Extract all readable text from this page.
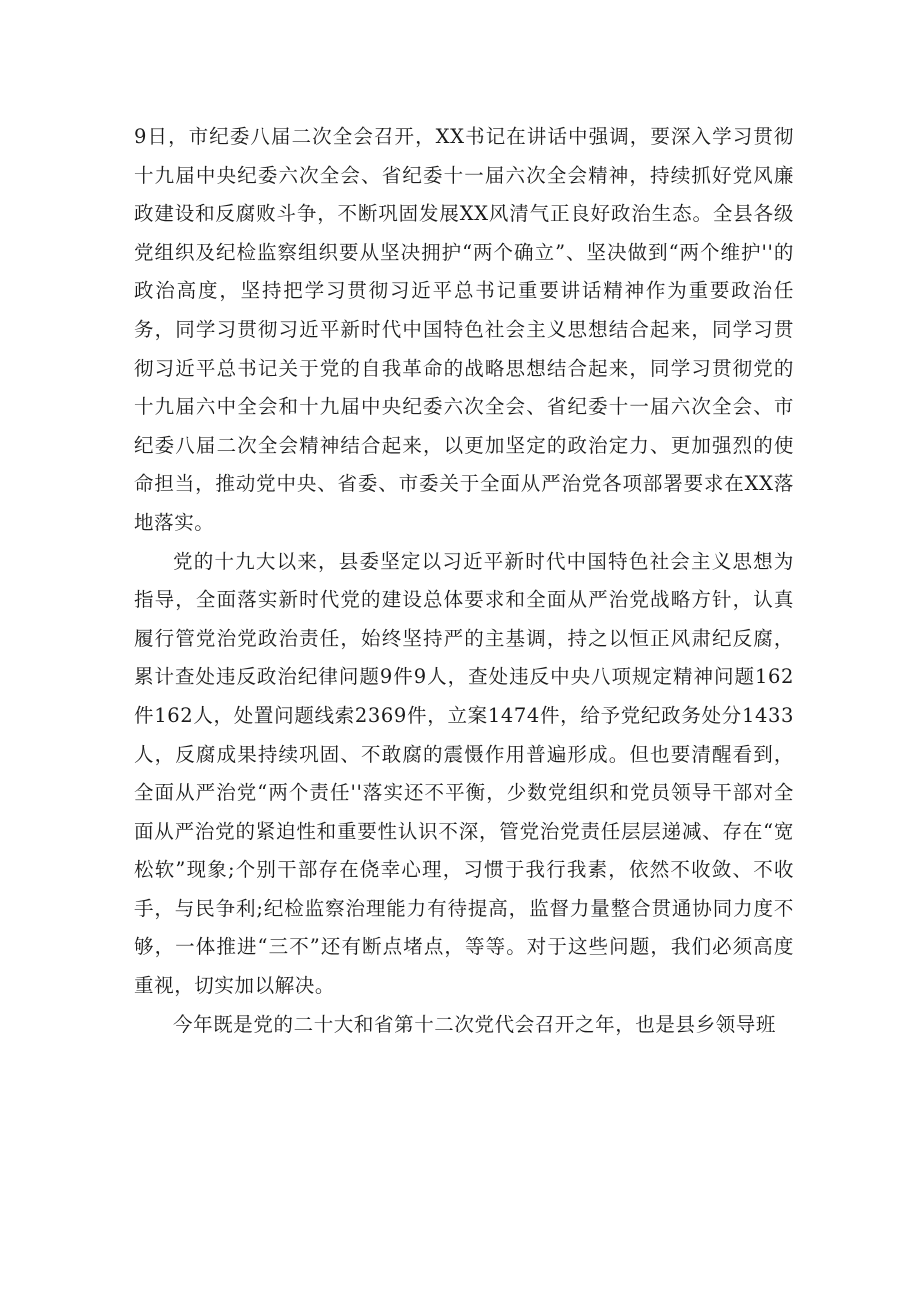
9日，市纪委八届二次全会召开，XX书记在讲话中强调，要深入学习贯彻十九届中央纪委六次全会、省纪委十一届六次全会精神，持续抓好党风廉政建设和反腐败斗争，不断巩固发展XX风清气正良好政治生态。全县各级党组织及纪检监察组织要从坚决拥护“两个确立”、坚决做到“两个维护''的政治高度，坚持把学习贯彻习近平总书记重要讲话精神作为重要政治任务，同学习贯彻习近平新时代中国特色社会主义思想结合起来，同学习贯彻习近平总书记关于党的自我革命的战略思想结合起来，同学习贯彻党的十九届六中全会和十九届中央纪委六次全会、省纪委十一届六次全会、市纪委八届二次全会精神结合起来，以更加坚定的政治定力、更加强烈的使命担当，推动党中央、省委、市委关于全面从严治党各项部署要求在XX落地落实。

党的十九大以来，县委坚定以习近平新时代中国特色社会主义思想为指导，全面落实新时代党的建设总体要求和全面从严治党战略方针，认真履行管党治党政治责任，始终坚持严的主基调，持之以恒正风肃纪反腐，累计查处违反政治纪律问题9件9人，查处违反中央八项规定精神问题162件162人，处置问题线索2369件，立案1474件，给予党纪政务处分1433人，反腐成果持续巩固、不敢腐的震慑作用普遍形成。但也要清醒看到，全面从严治党“两个责任''落实还不平衡，少数党组织和党员领导干部对全面从严治党的紧迫性和重要性认识不深，管党治党责任层层递减、存在“宽松软”现象;个别干部存在侥幸心理，习惯于我行我素，依然不收敛、不收手，与民争利;纪检监察治理能力有待提高，监督力量整合贯通协同力度不够，一体推进“三不”还有断点堵点，等等。对于这些问题，我们必须高度重视，切实加以解决。

今年既是党的二十大和省第十二次党代会召开之年，也是县乡领导班
